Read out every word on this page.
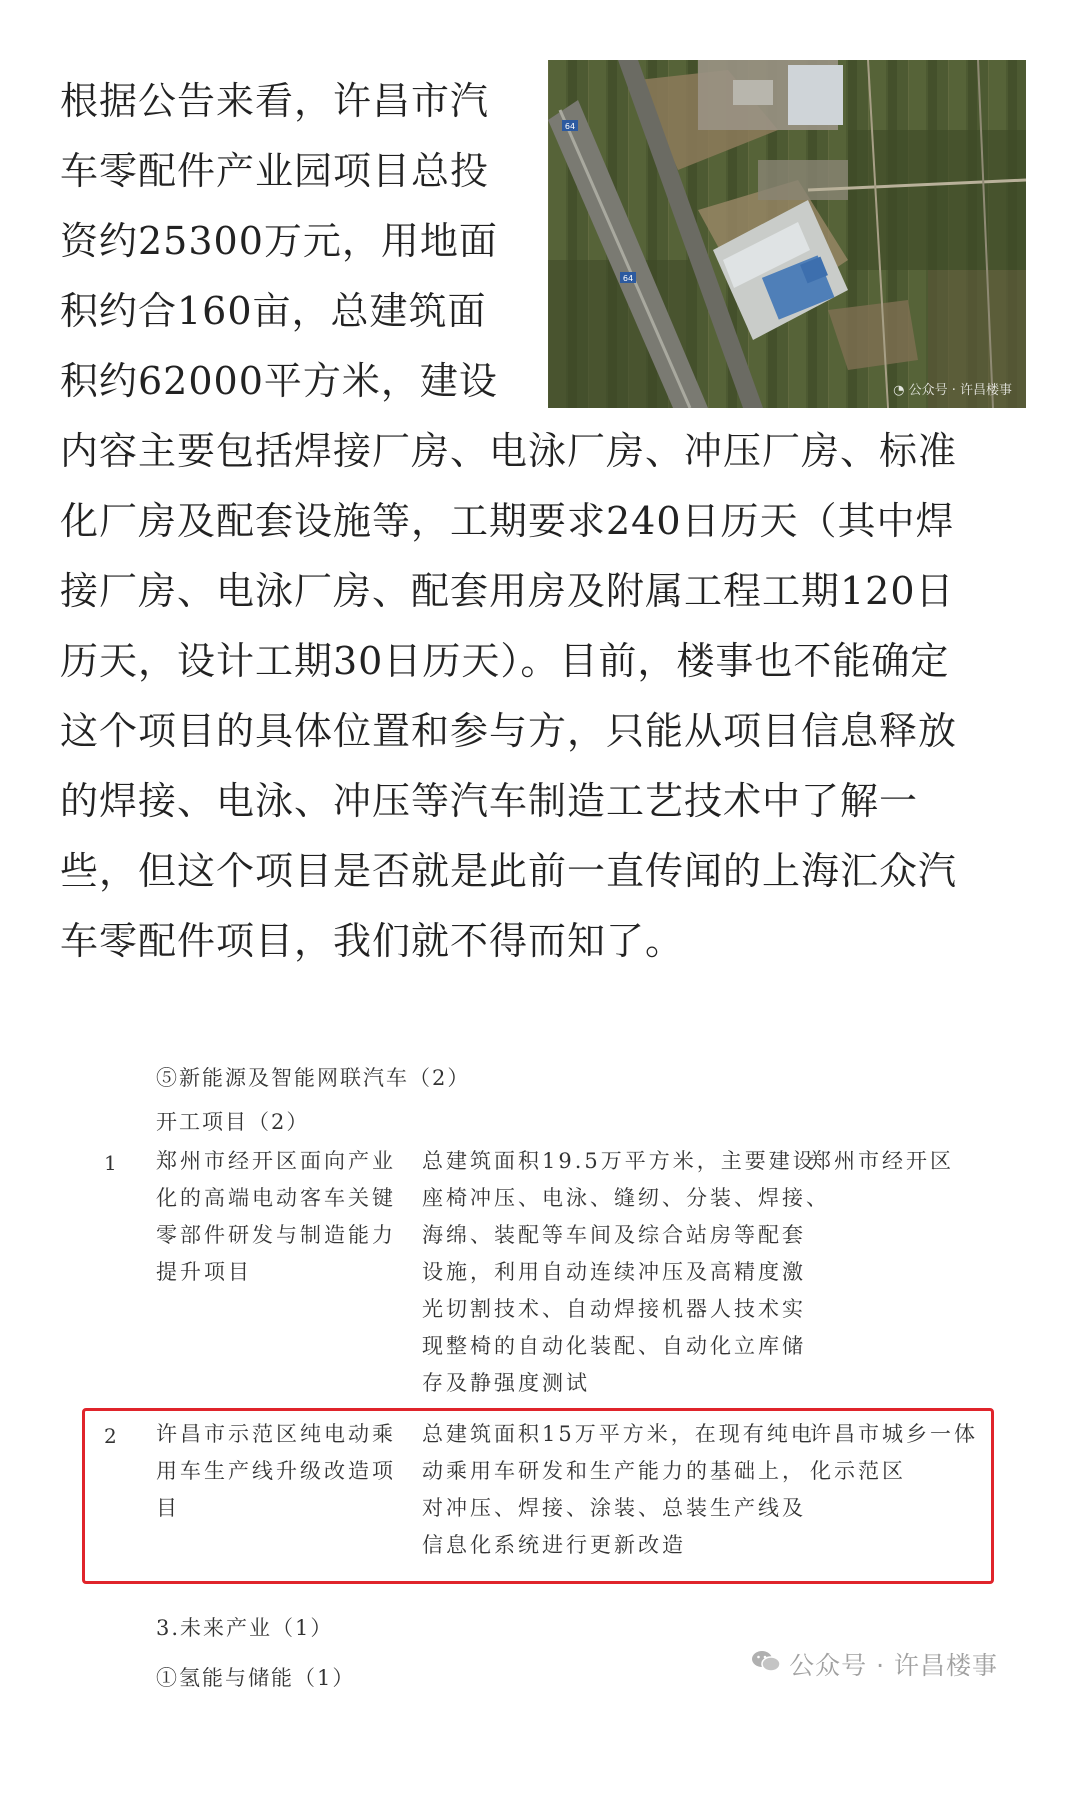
根据公告来看，许昌市汽
车零配件产业园项目总投
资约25300万元，用地面
积约合160亩，总建筑面
积约62000平方米，建设
内容主要包括焊接厂房、电泳厂房、冲压厂房、标准
化厂房及配套设施等，工期要求240日历天（其中焊
接厂房、电泳厂房、配套用房及附属工程工期120日
历天，设计工期30日历天）。目前，楼事也不能确定
这个项目的具体位置和参与方，只能从项目信息释放
的焊接、电泳、冲压等汽车制造工艺技术中了解一
些，但这个项目是否就是此前一直传闻的上海汇众汽
车零配件项目，我们就不得而知了。
64
64
◔ 公众号 · 许昌楼事
⑤新能源及智能网联汽车（2）
开工项目（2）
1 郑州市经开区面向产业
化的高端电动客车关键
零部件研发与制造能力
提升项目
总建筑面积19.5万平方米，主要建设
座椅冲压、电泳、缝纫、分装、焊接、
海绵、装配等车间及综合站房等配套
设施，利用自动连续冲压及高精度激
光切割技术、自动焊接机器人技术实
现整椅的自动化装配、自动化立库储
存及静强度测试
郑州市经开区
2 许昌市示范区纯电动乘
用车生产线升级改造项
目
总建筑面积15万平方米，在现有纯电
动乘用车研发和生产能力的基础上，
对冲压、焊接、涂装、总装生产线及
信息化系统进行更新改造
许昌市城乡一体
化示范区
3.未来产业（1）
①氢能与储能（1）	公众号 · 许昌楼事
